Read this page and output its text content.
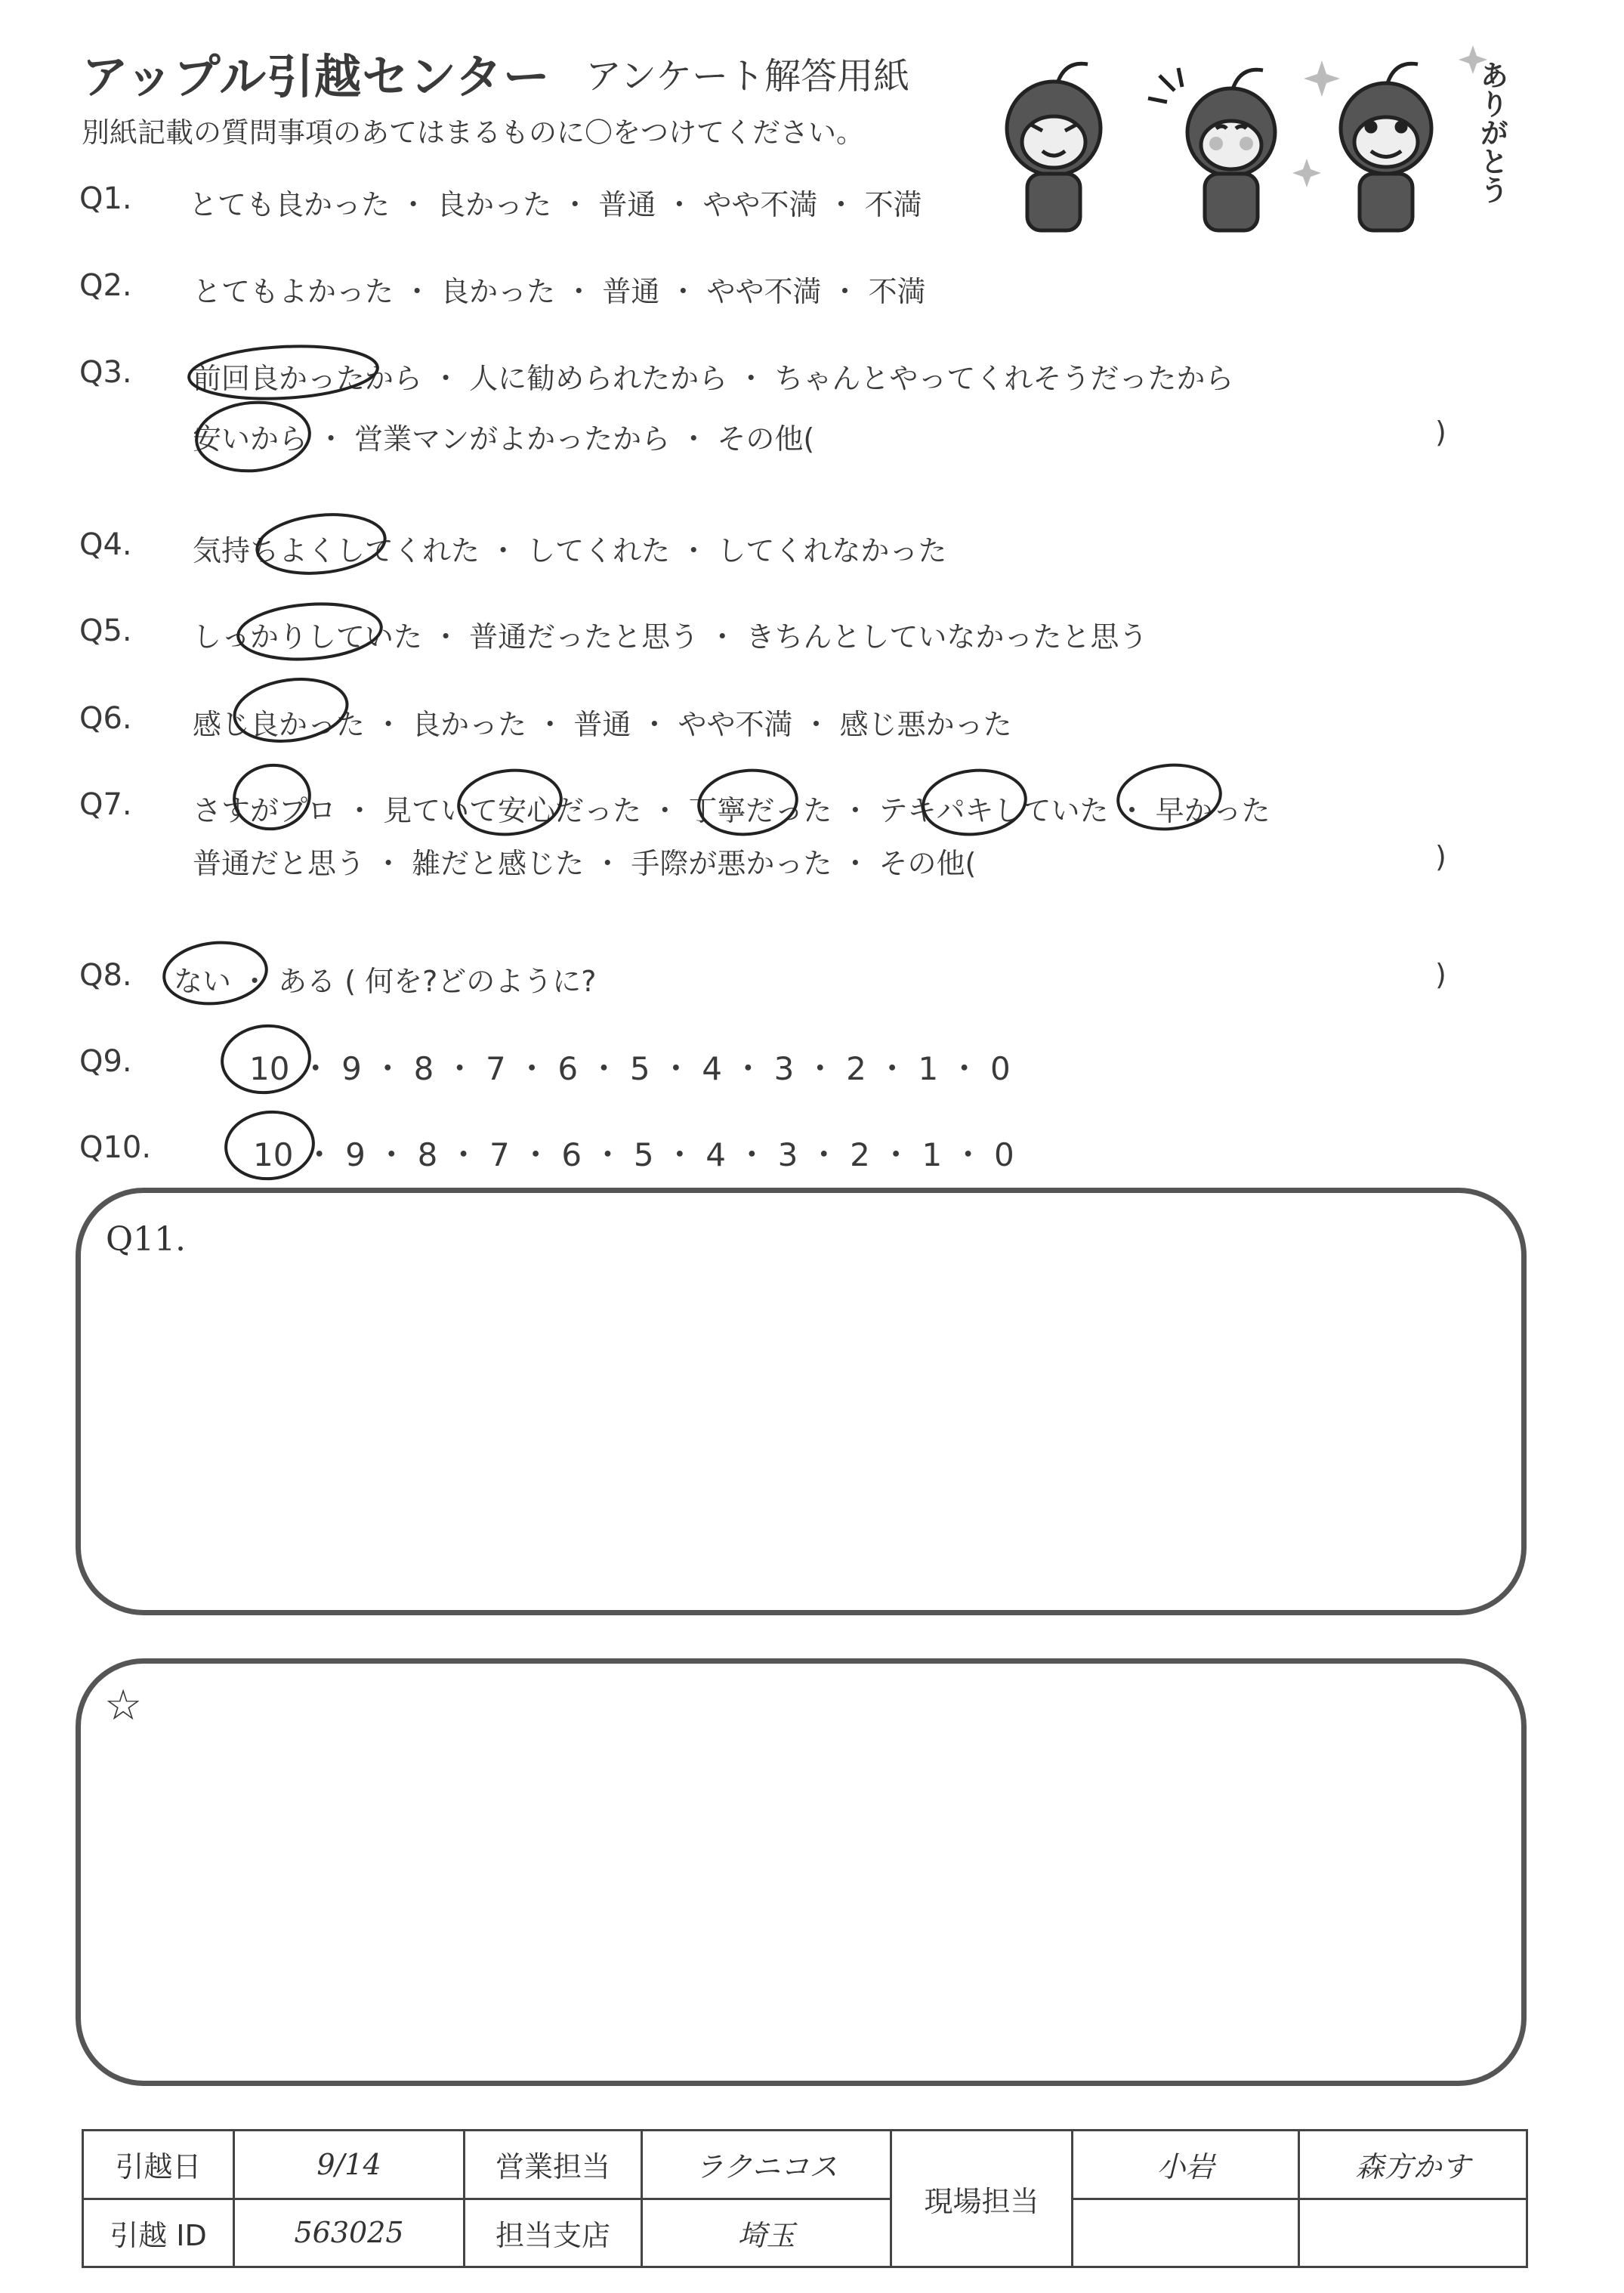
アップル引越センター アンケート解答用紙
別紙記載の質問事項のあてはまるものに〇をつけてください。	ありがとう
Q1. とても良かった ・ 良かった ・ 普通 ・ やや不満 ・ 不満
Q2. とてもよかった ・ 良かった ・ 普通 ・ やや不満 ・ 不満
Q3. 前回良かったから ・ 人に勧められたから ・ ちゃんとやってくれそうだったから
安いから ・ 営業マンがよかったから ・ その他(	)
Q4. 気持ちよくしてくれた ・ してくれた ・ してくれなかった
Q5. しっかりしていた ・ 普通だったと思う ・ きちんとしていなかったと思う
Q6. 感じ良かった ・ 良かった ・ 普通 ・ やや不満 ・ 感じ悪かった
Q7. さすがプロ ・ 見ていて安心だった ・ 丁寧だった ・ テキパキしていた ・ 早かった
普通だと思う ・ 雑だと感じた ・ 手際が悪かった ・ その他(	)
Q8. ない ・ ある ( 何を?どのように?	)
Q9.	10 ・ 9 ・ 8 ・ 7 ・ 6 ・ 5 ・ 4 ・ 3 ・ 2 ・ 1 ・ 0
Q10.	10 ・ 9 ・ 8 ・ 7 ・ 6 ・ 5 ・ 4 ・ 3 ・ 2 ・ 1 ・ 0
Q11.
☆
引越日	9/14	営業担当	ラクニコス	現場担当	小岩	森方かす
引越 ID	563025	担当支店	埼玉			
